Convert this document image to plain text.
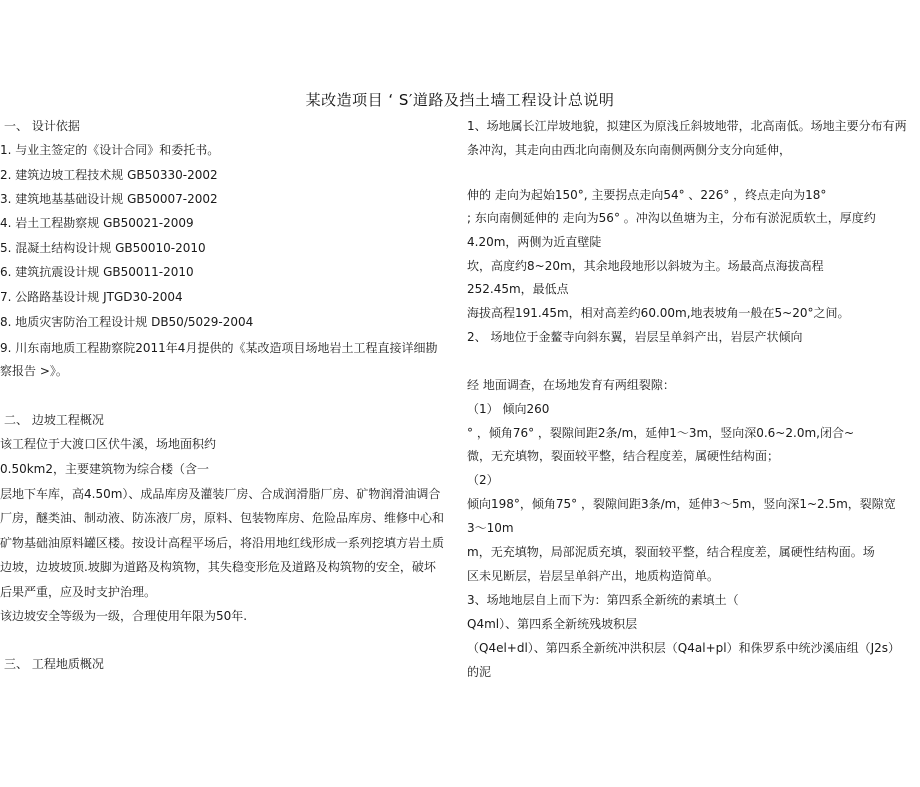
某改造项目 ‘ S′道路及挡土墙工程设计总说明
一、 设计依据
1. 与业主签定的《设计合同》和委托书。
2. 建筑边坡工程技术规 GB50330-2002
3. 建筑地基基础设计规 GB50007-2002
4. 岩土工程勘察规 GB50021-2009
5. 混凝土结构设计规 GB50010-2010
6. 建筑抗震设计规 GB50011-2010
7. 公路路基设计规 JTGD30-2004
8. 地质灾害防治工程设计规 DB50/5029-2004
9. 川东南地质工程勘察院2011年4月提供的《某改造项目场地岩土工程直接详细勘
察报告 >》。
二、 边坡工程概况
该工程位于大渡口区伏牛溪，场地面积约
0.50km2，主要建筑物为综合楼（含一
层地下车库，高4.50m）、成品库房及灌装厂房、合成润滑脂厂房、矿物润滑油调合
厂房，醚类油、制动液、防冻液厂房，原料、包装物库房、危险品库房、维修中心和
矿物基础油原料罐区楼。按设计高程平场后，将沿用地红线形成一系列挖填方岩土质
边坡，边坡坡顶.坡脚为道路及构筑物，其失稳变形危及道路及构筑物的安全，破坏
后果严重，应及时支护治理。
该边坡安全等级为一级，合理使用年限为50年.
三、 工程地质概况
1、场地属长江岸坡地貌，拟建区为原浅丘斜坡地带，北高南低。场地主要分布有两
条冲沟，其走向由西北向南侧及东向南侧两侧分支分向延伸，
伸的 走向为起始150°, 主要拐点走向54° 、226° ，终点走向为18°
; 东向南侧延伸的 走向为56° 。冲沟以鱼塘为主，分布有淤泥质软土，厚度约
4.20m，两侧为近直壁陡
坎，高度约8~20m，其余地段地形以斜坡为主。场最高点海拔高程
252.45m，最低点
海拔高程191.45m，相对高差约60.00m,地表坡角一般在5~20°之间。
2、 场地位于金鳌寺向斜东翼，岩层呈单斜产出，岩层产状倾向
经 地面调查，在场地发育有两组裂隙：
（1） 倾向260
° ，倾角76° ，裂隙间距2条/m，延伸1～3m，竖向深0.6~2.0m,闭合~
微，无充填物，裂面较平整，结合程度差，属硬性结构面；
（2）
倾向198°，倾角75° ，裂隙间距3条/m，延伸3～5m，竖向深1~2.5m，裂隙宽
3～10m
m，无充填物，局部泥质充填，裂面较平整，结合程度差，属硬性结构面。场
区未见断层，岩层呈单斜产出，地质构造简单。
3、场地地层自上而下为：第四系全新统的素填土（
Q4ml）、第四系全新统残坡积层
（Q4el+dl）、第四系全新统冲洪积层（Q4al+pl）和侏罗系中统沙溪庙组（J2s）
的泥
